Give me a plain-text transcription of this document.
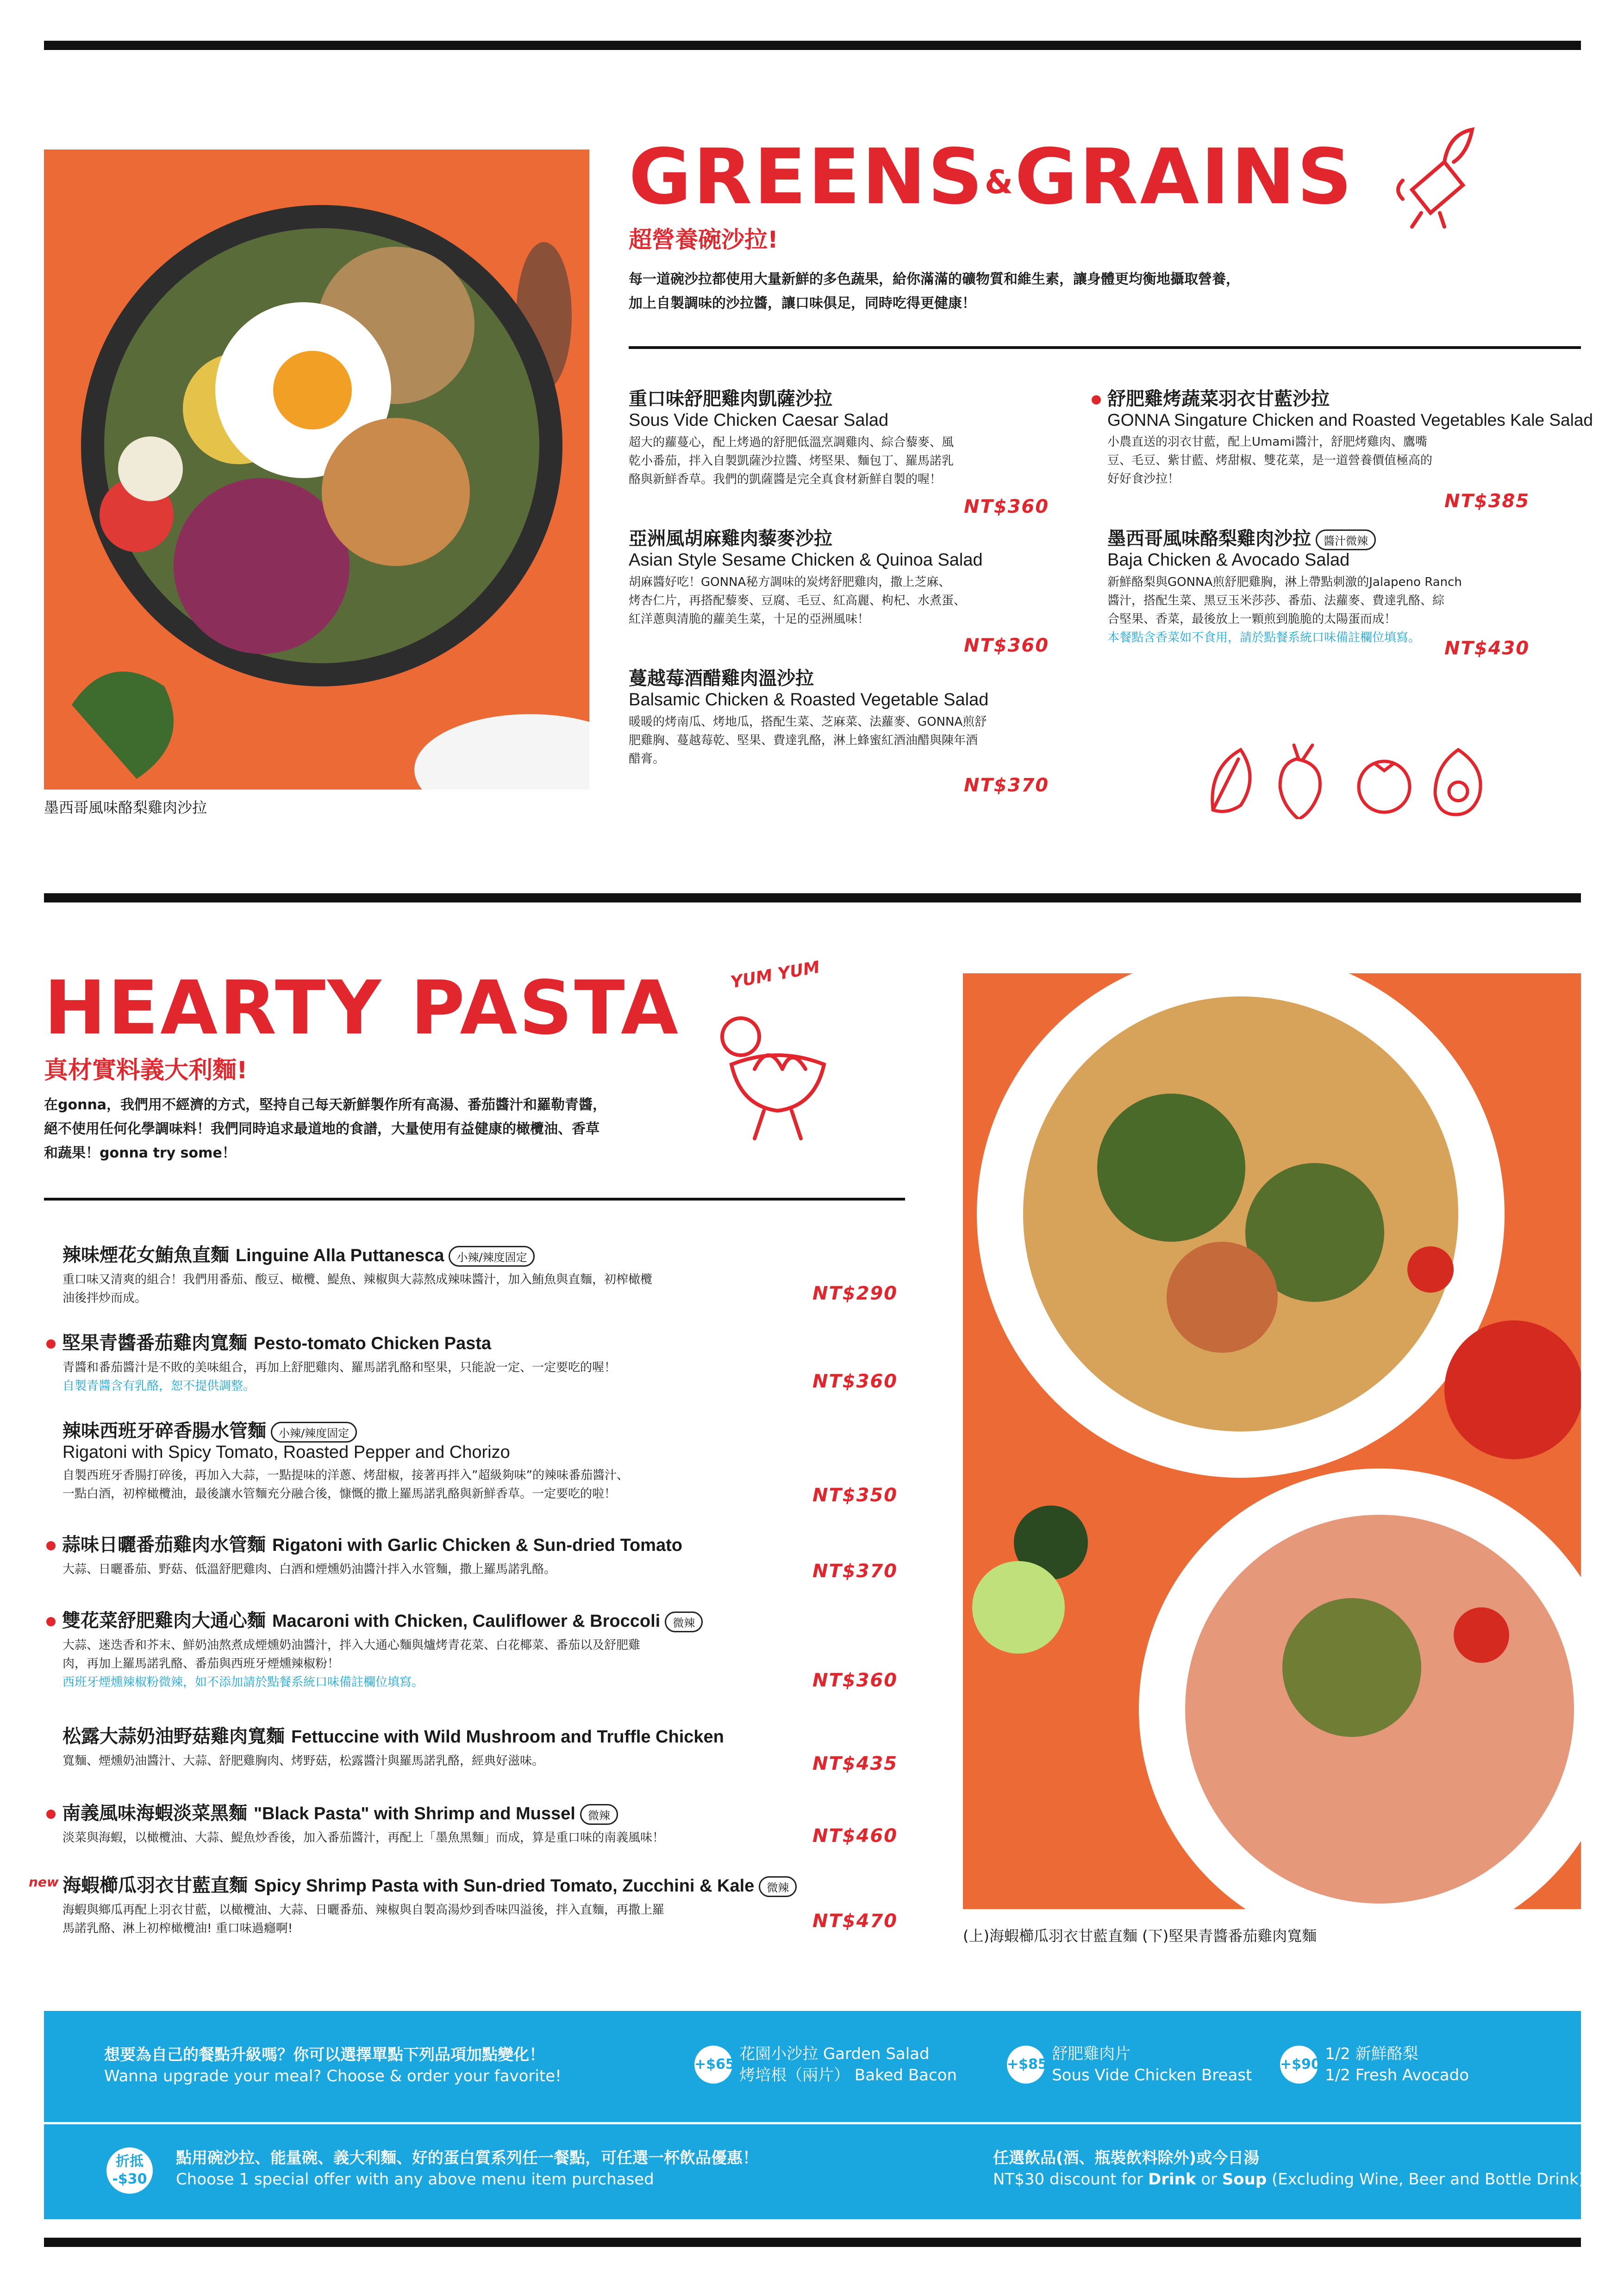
墨西哥風味酪梨雞肉沙拉
GREENS&GRAINS
超營養碗沙拉!
每一道碗沙拉都使用大量新鮮的多色蔬果，給你滿滿的礦物質和維生素，讓身體更均衡地攝取營養，
加上自製調味的沙拉醬，讓口味俱足，同時吃得更健康！
重口味舒肥雞肉凱薩沙拉
Sous Vide Chicken Caesar Salad
超大的蘿蔓心，配上烤過的舒肥低溫烹調雞肉、綜合藜麥、風
乾小番茄，拌入自製凱薩沙拉醬、烤堅果、麵包丁、羅馬諾乳
酪與新鮮香草。我們的凱薩醬是完全真食材新鮮自製的喔！
NT$360
亞洲風胡麻雞肉藜麥沙拉
Asian Style Sesame Chicken & Quinoa Salad
胡麻醬好吃！GONNA秘方調味的炭烤舒肥雞肉，撒上芝麻、
烤杏仁片，再搭配藜麥、豆腐、毛豆、紅高麗、枸杞、水煮蛋、
紅洋蔥與清脆的蘿美生菜，十足的亞洲風味！
NT$360
蔓越莓酒醋雞肉溫沙拉
Balsamic Chicken & Roasted Vegetable Salad
暖暖的烤南瓜、烤地瓜，搭配生菜、芝麻菜、法蘿麥、GONNA煎舒
肥雞胸、蔓越莓乾、堅果、費達乳酪，淋上蜂蜜紅酒油醋與陳年酒
醋膏。
NT$370
舒肥雞烤蔬菜羽衣甘藍沙拉
GONNA Singature Chicken and Roasted Vegetables Kale Salad
小農直送的羽衣甘藍，配上Umami醬汁，舒肥烤雞肉、鷹嘴
豆、毛豆、紫甘藍、烤甜椒、雙花菜，是一道營養價值極高的
好好食沙拉！
NT$385
墨西哥風味酪梨雞肉沙拉 醬汁微辣
Baja Chicken & Avocado Salad
新鮮酪梨與GONNA煎舒肥雞胸，淋上帶點刺激的Jalapeno Ranch
醬汁，搭配生菜、黑豆玉米莎莎、番茄、法蘿麥、費達乳酪、綜
合堅果、香菜，最後放上一顆煎到脆脆的太陽蛋而成！
本餐點含香菜如不食用，請於點餐系統口味備註欄位填寫。	NT$430
HEARTY PASTA	YUM YUM
真材實料義大利麵!
在gonna，我們用不經濟的方式，堅持自己每天新鮮製作所有高湯、番茄醬汁和羅勒青醬，
絕不使用任何化學調味料！我們同時追求最道地的食譜，大量使用有益健康的橄欖油、香草
和蔬果！gonna try some！
(上)海蝦櫛瓜羽衣甘藍直麵 (下)堅果青醬番茄雞肉寬麵
辣味煙花女鮪魚直麵 Linguine Alla Puttanesca 小辣/辣度固定
重口味又清爽的組合！我們用番茄、酸豆、橄欖、鯷魚、辣椒與大蒜熬成辣味醬汁，加入鮪魚與直麵，初榨橄欖
油後拌炒而成。	NT$290
堅果青醬番茄雞肉寬麵 Pesto-tomato Chicken Pasta
青醬和番茄醬汁是不敗的美味組合，再加上舒肥雞肉、羅馬諾乳酪和堅果，只能說一定、一定要吃的喔！
自製青醬含有乳酪，恕不提供調整。	NT$360
辣味西班牙碎香腸水管麵 小辣/辣度固定
Rigatoni with Spicy Tomato, Roasted Pepper and Chorizo
自製西班牙香腸打碎後，再加入大蒜，一點提味的洋蔥、烤甜椒，接著再拌入”超級夠味”的辣味番茄醬汁、
一點白酒，初榨橄欖油，最後讓水管麵充分融合後，慷慨的撒上羅馬諾乳酪與新鮮香草。一定要吃的啦！	NT$350
蒜味日曬番茄雞肉水管麵 Rigatoni with Garlic Chicken & Sun-dried Tomato
大蒜、日曬番茄、野菇、低溫舒肥雞肉、白酒和煙燻奶油醬汁拌入水管麵，撒上羅馬諾乳酪。	NT$370
雙花菜舒肥雞肉大通心麵 Macaroni with Chicken, Cauliflower & Broccoli 微辣
大蒜、迷迭香和芥末、鮮奶油熬煮成煙燻奶油醬汁，拌入大通心麵與爐烤青花菜、白花椰菜、番茄以及舒肥雞
肉，再加上羅馬諾乳酪、番茄與西班牙煙燻辣椒粉！
西班牙煙燻辣椒粉微辣，如不添加請於點餐系統口味備註欄位填寫。	NT$360
松露大蒜奶油野菇雞肉寬麵 Fettuccine with Wild Mushroom and Truffle Chicken
寬麵、煙燻奶油醬汁、大蒜、舒肥雞胸肉、烤野菇，松露醬汁與羅馬諾乳酪，經典好滋味。	NT$435
南義風味海蝦淡菜黑麵 "Black Pasta" with Shrimp and Mussel 微辣
淡菜與海蝦，以橄欖油、大蒜、鯷魚炒香後，加入番茄醬汁，再配上「墨魚黑麵」而成，算是重口味的南義風味！	NT$460
new 海蝦櫛瓜羽衣甘藍直麵 Spicy Shrimp Pasta with Sun-dried Tomato, Zucchini & Kale 微辣
海蝦與鄉瓜再配上羽衣甘藍，以橄欖油、大蒜、日曬番茄、辣椒與自製高湯炒到香味四溢後，拌入直麵，再撒上羅
馬諾乳酪、淋上初榨橄欖油! 重口味過癮啊!	NT$470
想要為自己的餐點升級嗎？你可以選擇單點下列品項加點變化！
Wanna upgrade your meal? Choose & order your favorite!
+$65
花園小沙拉 Garden Salad
烤培根（兩片） Baked Bacon
+$85
舒肥雞肉片
Sous Vide Chicken Breast
+$90
1/2 新鮮酪梨
1/2 Fresh Avocado
折抵
-$30
點用碗沙拉、能量碗、義大利麵、好的蛋白質系列任一餐點，可任選一杯飲品優惠！
Choose 1 special offer with any above menu item purchased
任選飲品(酒、瓶裝飲料除外)或今日湯
NT$30 discount for Drink or Soup (Excluding Wine, Beer and Bottle Drink)
